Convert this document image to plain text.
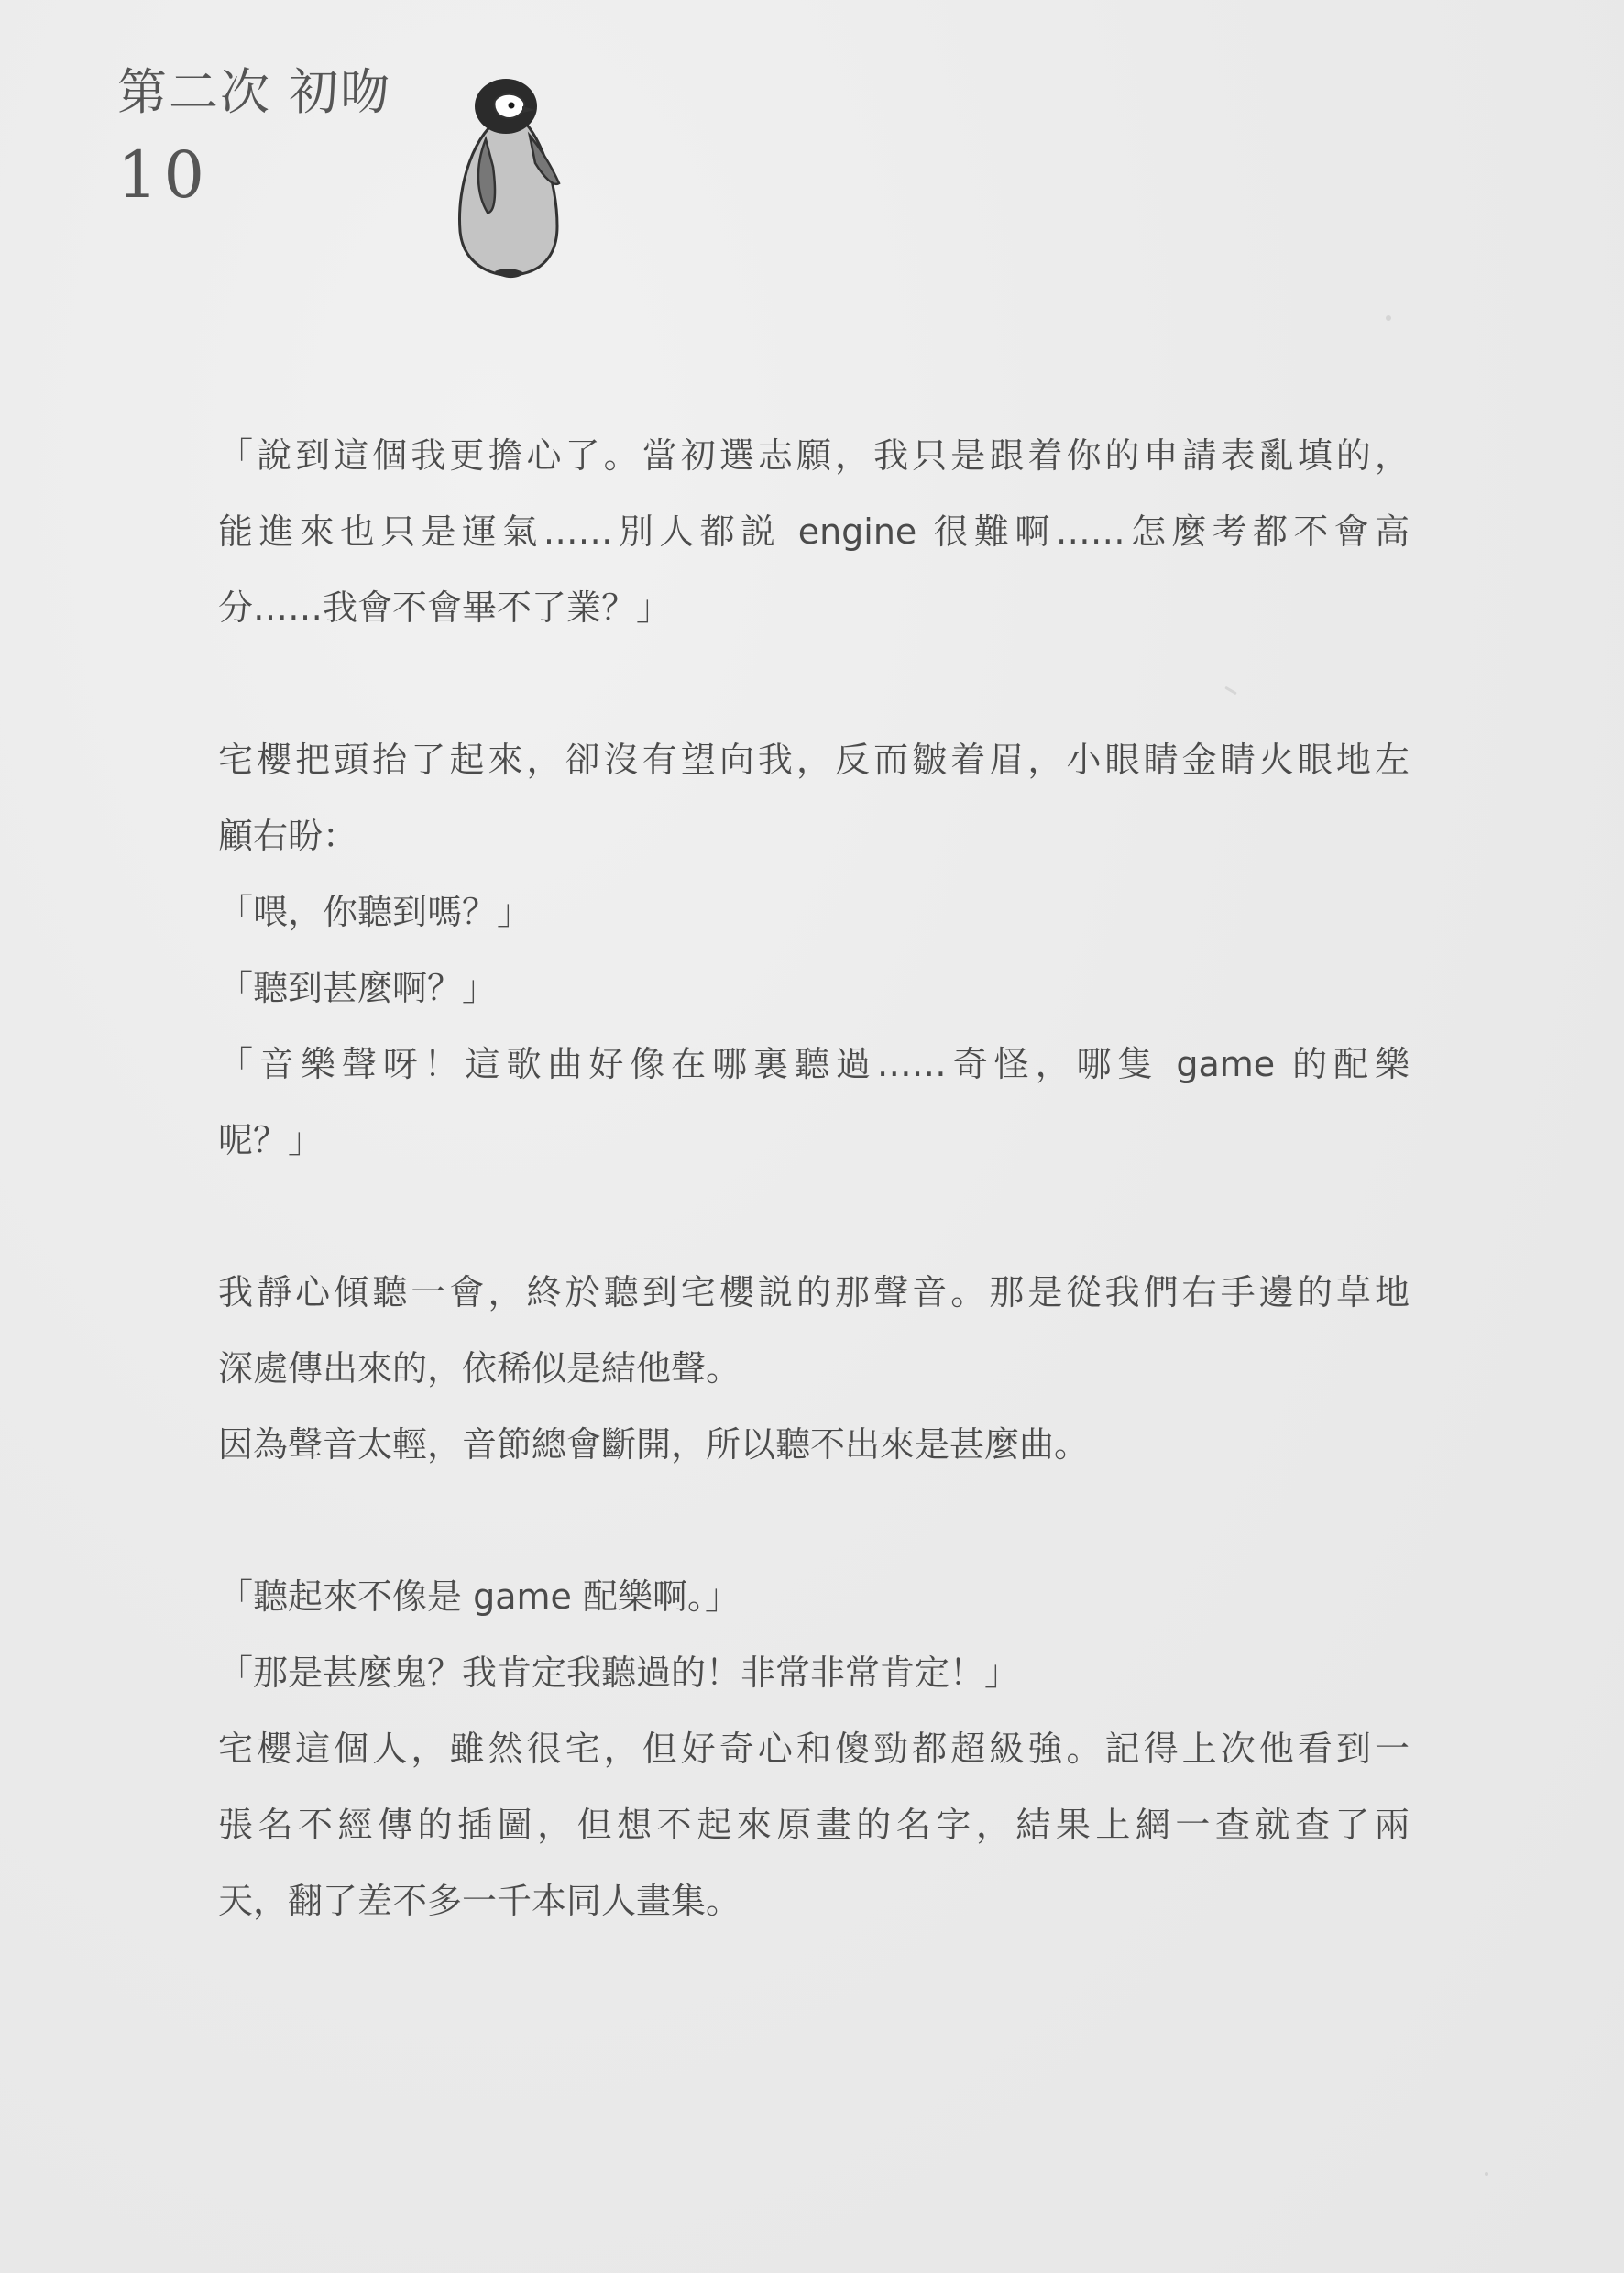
第二次 初吻
10
「說到這個我更擔心了。當初選志願，我只是跟着你的申請表亂填的，
能進來也只是運氣……別人都説 engine 很難啊……怎麼考都不會高
分……我會不會畢不了業？」
宅櫻把頭抬了起來，卻沒有望向我，反而皺着眉，小眼睛金睛火眼地左
顧右盼：
「喂，你聽到嗎？」
「聽到甚麼啊？」
「音樂聲呀！這歌曲好像在哪裏聽過……奇怪，哪隻 game 的配樂
呢？」
我靜心傾聽一會，終於聽到宅櫻説的那聲音。那是從我們右手邊的草地
深處傳出來的，依稀似是結他聲。
因為聲音太輕，音節總會斷開，所以聽不出來是甚麼曲。
「聽起來不像是 game 配樂啊。」
「那是甚麼鬼？我肯定我聽過的！非常非常肯定！」
宅櫻這個人，雖然很宅，但好奇心和傻勁都超級強。記得上次他看到一
張名不經傳的插圖，但想不起來原畫的名字，結果上網一查就查了兩
天，翻了差不多一千本同人畫集。
